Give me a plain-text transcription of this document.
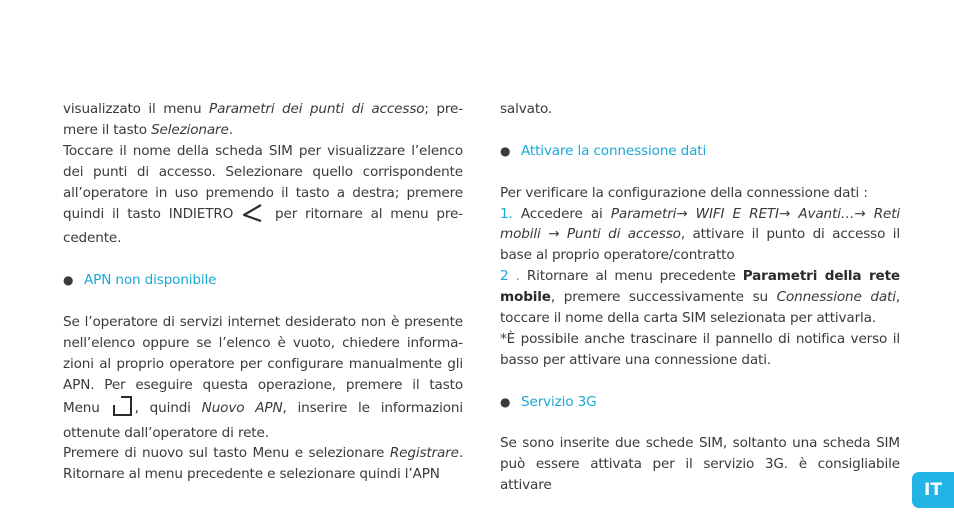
visualizzato il menu Parametri dei punti di accesso; pre-mere il tasto Selezionare.

Toccare il nome della scheda SIM per visualizzare l’elenco dei punti di accesso. Selezionare quello corrispondente all’operatore in uso premendo il tasto a destra; premere quindi il tasto INDIETRO  per ritornare al menu pre-cedente.

●
APN non disponibile

Se l’operatore di servizi internet desiderato non è presente nell’elenco oppure se l’elenco è vuoto, chiedere informa-zioni al proprio operatore per configurare manualmente gli APN. Per eseguire questa operazione, premere il tasto Menu , quindi Nuovo APN, inserire le informazioni ottenute dall’operatore di rete.

Premere di nuovo sul tasto Menu e selezionare Registrare. Ritornare al menu precedente e selezionare quindi l’APN

salvato.

●
Attivare la connessione dati

Per verificare la configurazione della connessione dati :

1. Accedere ai Parametri→ WIFI E RETI→ Avanti…→ Reti mobili → Punti di accesso, attivare il punto di accesso il base al proprio operatore/contratto

2 . Ritornare al menu precedente Parametri della rete mobile, premere successivamente su Connessione dati, toccare il nome della carta SIM selezionata per attivarla.

*È possibile anche trascinare il pannello di notifica verso il basso per attivare una connessione dati.

●
Servizio 3G

Se sono inserite due schede SIM, soltanto una scheda SIM può essere attivata per il servizio 3G. è consigliabile attivare	IT
